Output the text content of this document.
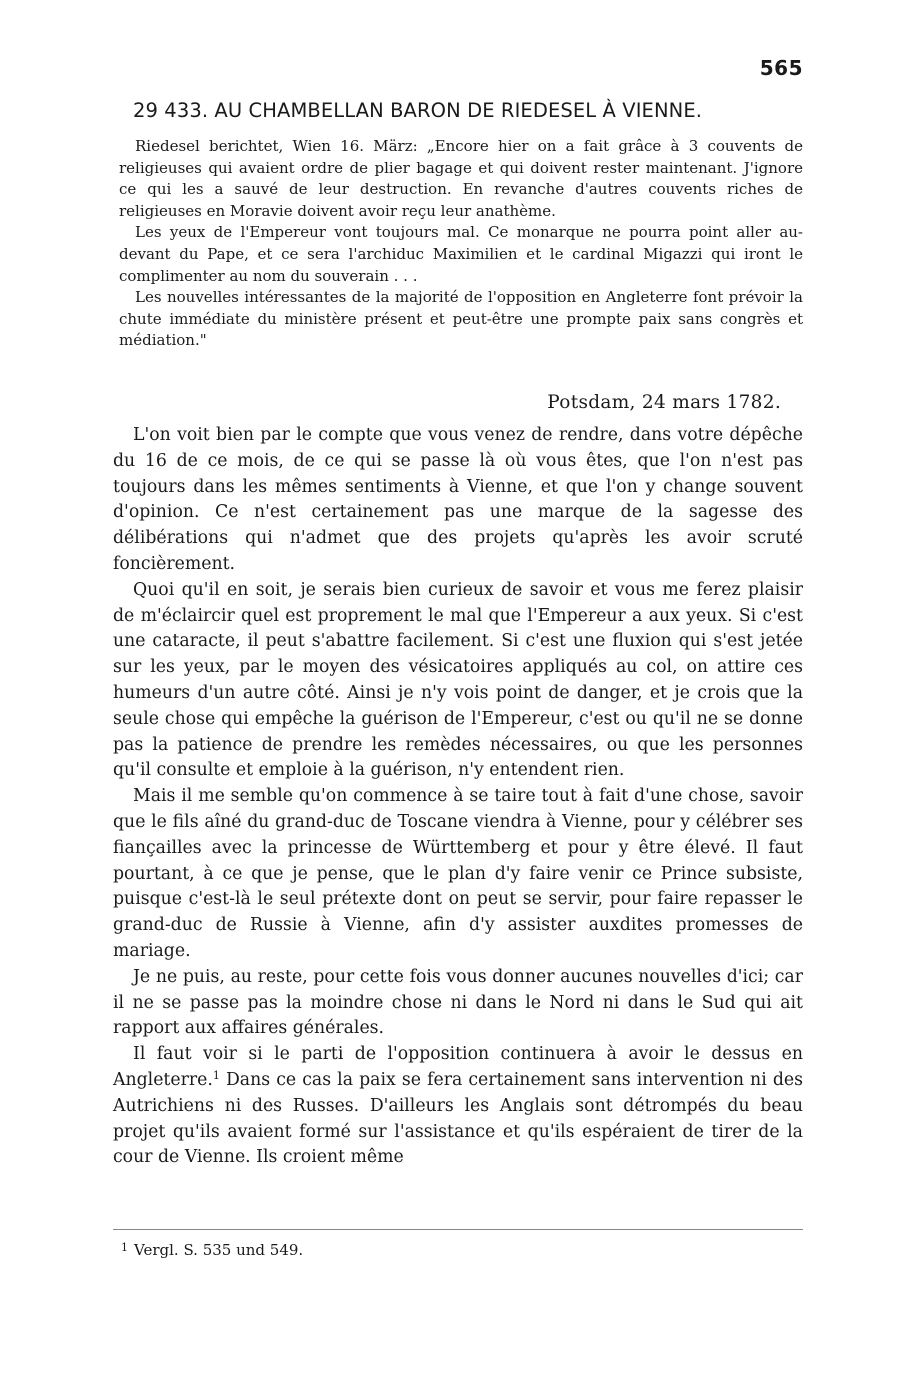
565
29 433. AU CHAMBELLAN BARON DE RIEDESEL À VIENNE.

Riedesel berichtet, Wien 16. März: „Encore hier on a fait grâce à 3 couvents de religieuses qui avaient ordre de plier bagage et qui doivent rester maintenant. J'ignore ce qui les a sauvé de leur destruction. En revanche d'autres couvents riches de religieuses en Moravie doivent avoir reçu leur anathème.

Les yeux de l'Empereur vont toujours mal. Ce monarque ne pourra point aller au-devant du Pape, et ce sera l'archiduc Maximilien et le cardinal Migazzi qui iront le complimenter au nom du souverain . . .

Les nouvelles intéressantes de la majorité de l'opposition en Angleterre font prévoir la chute immédiate du ministère présent et peut-être une prompte paix sans congrès et médiation."

Potsdam, 24 mars 1782.

L'on voit bien par le compte que vous venez de rendre, dans votre dépêche du 16 de ce mois, de ce qui se passe là où vous êtes, que l'on n'est pas toujours dans les mêmes sentiments à Vienne, et que l'on y change souvent d'opinion. Ce n'est certainement pas une marque de la sagesse des délibérations qui n'admet que des projets qu'après les avoir scruté foncièrement.

Quoi qu'il en soit, je serais bien curieux de savoir et vous me ferez plaisir de m'éclaircir quel est proprement le mal que l'Empereur a aux yeux. Si c'est une cataracte, il peut s'abattre facilement. Si c'est une fluxion qui s'est jetée sur les yeux, par le moyen des vésicatoires appliqués au col, on attire ces humeurs d'un autre côté. Ainsi je n'y vois point de danger, et je crois que la seule chose qui empêche la guérison de l'Empereur, c'est ou qu'il ne se donne pas la patience de prendre les remèdes nécessaires, ou que les personnes qu'il consulte et emploie à la guérison, n'y entendent rien.

Mais il me semble qu'on commence à se taire tout à fait d'une chose, savoir que le fils aîné du grand-duc de Toscane viendra à Vienne, pour y célébrer ses fiançailles avec la princesse de Württemberg et pour y être élevé. Il faut pourtant, à ce que je pense, que le plan d'y faire venir ce Prince subsiste, puisque c'est-là le seul prétexte dont on peut se servir, pour faire repasser le grand-duc de Russie à Vienne, afin d'y assister auxdites promesses de mariage.

Je ne puis, au reste, pour cette fois vous donner aucunes nouvelles d'ici; car il ne se passe pas la moindre chose ni dans le Nord ni dans le Sud qui ait rapport aux affaires générales.

Il faut voir si le parti de l'opposition continuera à avoir le dessus en Angleterre.$^1$ Dans ce cas la paix se fera certainement sans intervention ni des Autrichiens ni des Russes. D'ailleurs les Anglais sont détrompés du beau projet qu'ils avaient formé sur l'assistance et qu'ils espéraient de tirer de la cour de Vienne. Ils croient même

$^1$ Vergl. S. 535 und 549.
